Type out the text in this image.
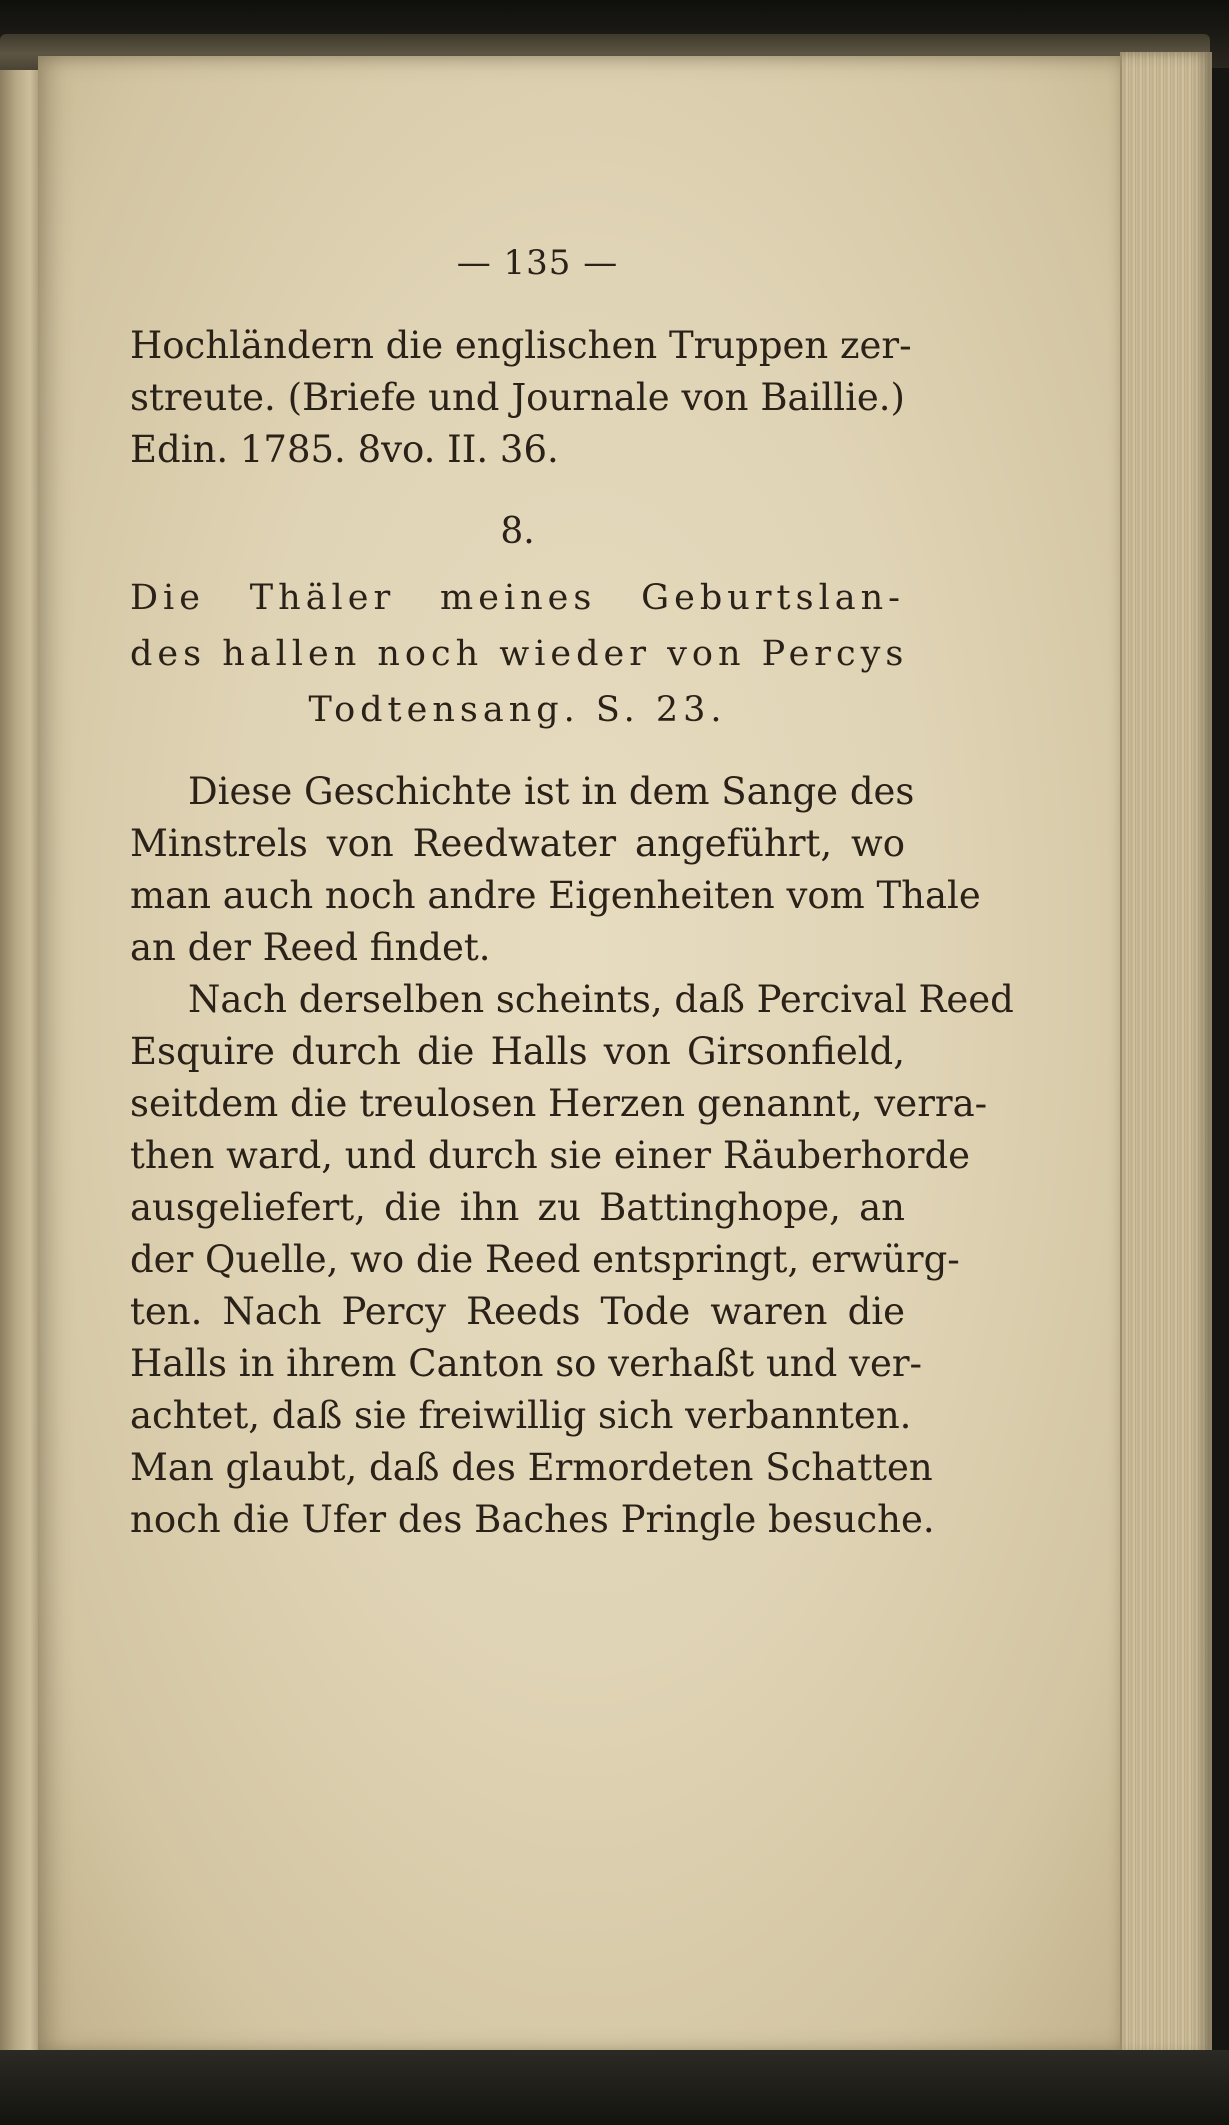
— 135 —
Hochländern die englischen Truppen zer-
streute. (Briefe und Journale von Baillie.)
Edin. 1785. 8vo. II. 36.
8.
Die Thäler meines Geburtslan-
des hallen noch wieder von Percys
Todtensang. S. 23.
Diese Geschichte ist in dem Sange des
Minstrels von Reedwater angeführt, wo
man auch noch andre Eigenheiten vom Thale
an der Reed findet.
Nach derselben scheints, daß Percival Reed
Esquire durch die Halls von Girsonfield,
seitdem die treulosen Herzen genannt, verra-
then ward, und durch sie einer Räuberhorde
ausgeliefert, die ihn zu Battinghope, an
der Quelle, wo die Reed entspringt, erwürg-
ten. Nach Percy Reeds Tode waren die
Halls in ihrem Canton so verhaßt und ver-
achtet, daß sie freiwillig sich verbannten.
Man glaubt, daß des Ermordeten Schatten
noch die Ufer des Baches Pringle besuche.
